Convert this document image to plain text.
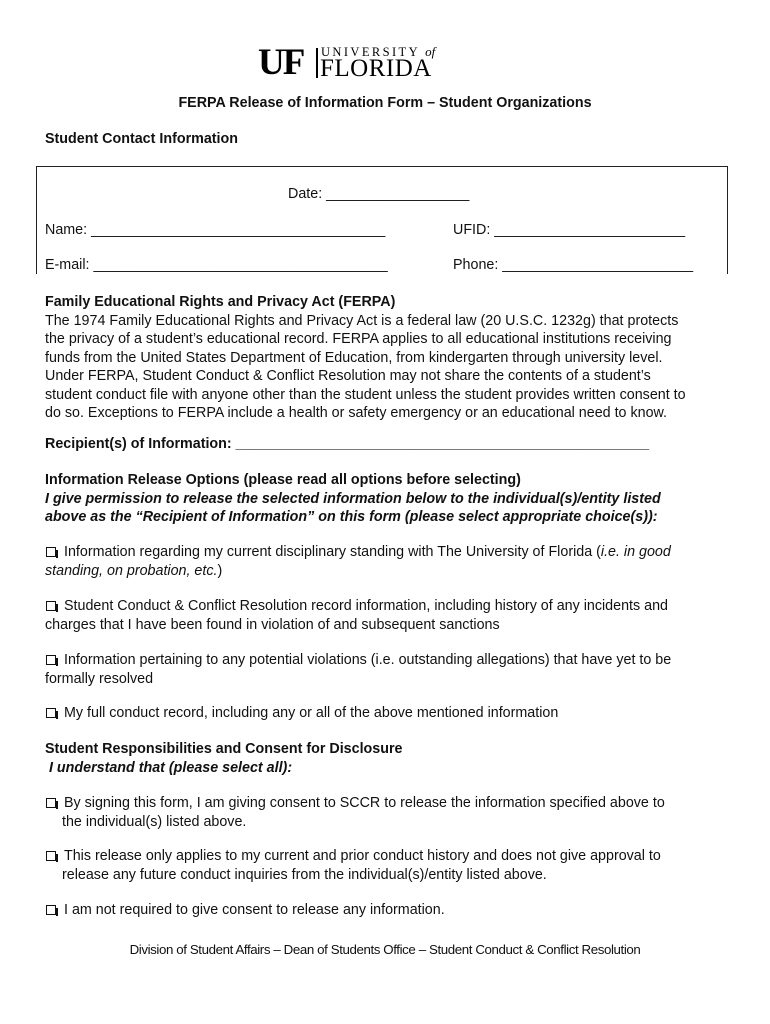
UF UNIVERSITY of
FLORIDA
FERPA Release of Information Form – Student Organizations
Student Contact Information
Date: __________________
Name: _____________________________________	UFID: ________________________
E-mail: _____________________________________	Phone: ________________________

Family Educational Rights and Privacy Act (FERPA)

The 1974 Family Educational Rights and Privacy Act is a federal law (20 U.S.C. 1232g) that protects

the privacy of a student’s educational record. FERPA applies to all educational institutions receiving

funds from the United States Department of Education, from kindergarten through university level.

Under FERPA, Student Conduct & Conflict Resolution may not share the contents of a student’s

student conduct file with anyone other than the student unless the student provides written consent to

do so. Exceptions to FERPA include a health or safety emergency or an educational need to know.

Recipient(s) of Information: ____________________________________________________

Information Release Options (please read all options before selecting)

I give permission to release the selected information below to the individual(s)/entity listed

above as the “Recipient of Information” on this form (please select appropriate choice(s)):

Information regarding my current disciplinary standing with The University of Florida (i.e. in good

standing, on probation, etc.)

Student Conduct & Conflict Resolution record information, including history of any incidents and

charges that I have been found in violation of and subsequent sanctions

Information pertaining to any potential violations (i.e. outstanding allegations) that have yet to be

formally resolved

My full conduct record, including any or all of the above mentioned information

Student Responsibilities and Consent for Disclosure

I understand that (please select all):

By signing this form, I am giving consent to SCCR to release the information specified above to

the individual(s) listed above.

This release only applies to my current and prior conduct history and does not give approval to

release any future conduct inquiries from the individual(s)/entity listed above.

I am not required to give consent to release any information.

Division of Student Affairs – Dean of Students Office – Student Conduct & Conflict Resolution
